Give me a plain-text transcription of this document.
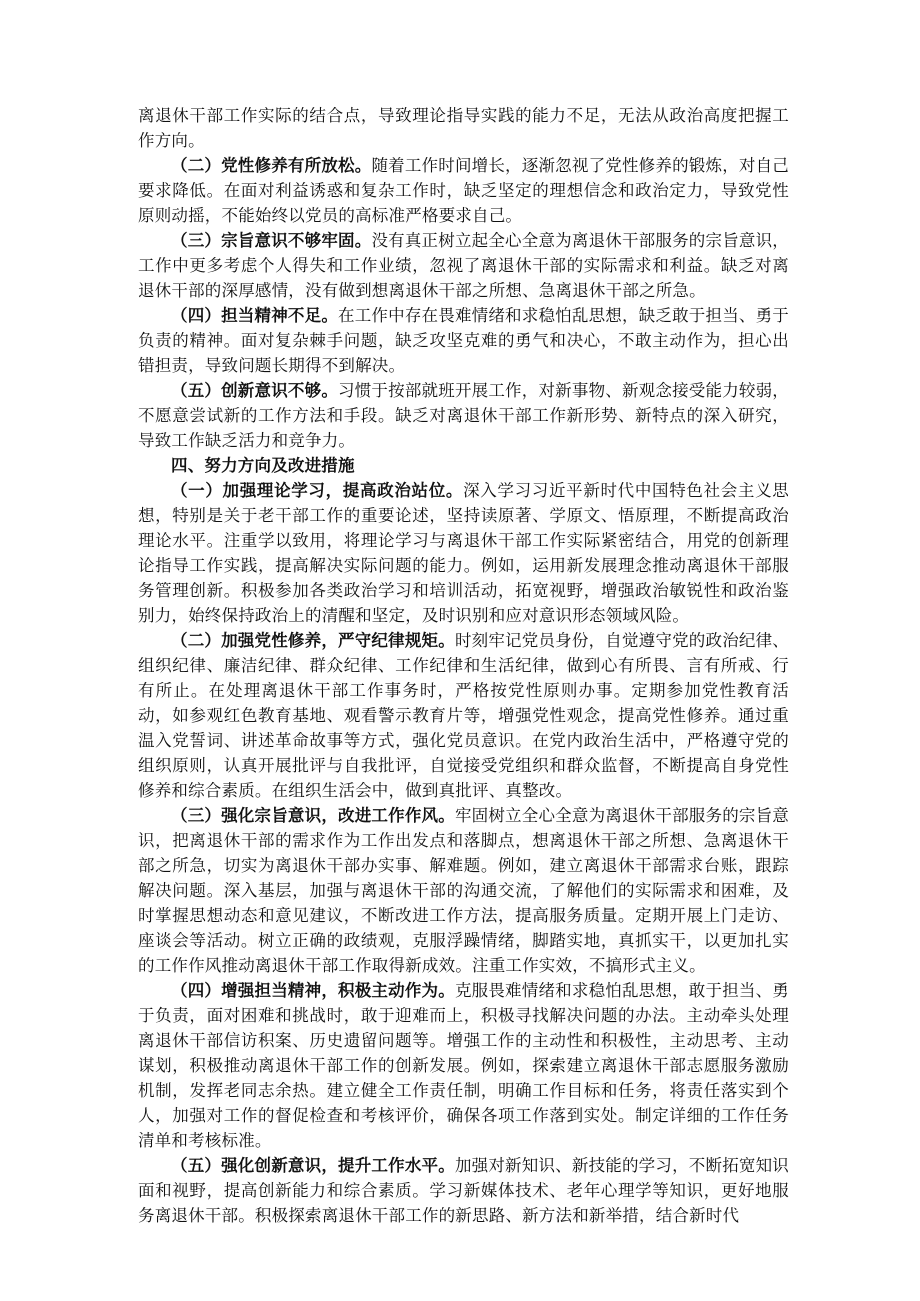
离退休干部工作实际的结合点，导致理论指导实践的能力不足，无法从政治高度把握工作方向。

（二）党性修养有所放松。随着工作时间增长，逐渐忽视了党性修养的锻炼，对自己要求降低。在面对利益诱惑和复杂工作时，缺乏坚定的理想信念和政治定力，导致党性原则动摇，不能始终以党员的高标准严格要求自己。

（三）宗旨意识不够牢固。没有真正树立起全心全意为离退休干部服务的宗旨意识，工作中更多考虑个人得失和工作业绩，忽视了离退休干部的实际需求和利益。缺乏对离退休干部的深厚感情，没有做到想离退休干部之所想、急离退休干部之所急。

（四）担当精神不足。在工作中存在畏难情绪和求稳怕乱思想，缺乏敢于担当、勇于负责的精神。面对复杂棘手问题，缺乏攻坚克难的勇气和决心，不敢主动作为，担心出错担责，导致问题长期得不到解决。

（五）创新意识不够。习惯于按部就班开展工作，对新事物、新观念接受能力较弱，不愿意尝试新的工作方法和手段。缺乏对离退休干部工作新形势、新特点的深入研究，导致工作缺乏活力和竞争力。

四、努力方向及改进措施

（一）加强理论学习，提高政治站位。深入学习习近平新时代中国特色社会主义思想，特别是关于老干部工作的重要论述，坚持读原著、学原文、悟原理，不断提高政治理论水平。注重学以致用，将理论学习与离退休干部工作实际紧密结合，用党的创新理论指导工作实践，提高解决实际问题的能力。例如，运用新发展理念推动离退休干部服务管理创新。积极参加各类政治学习和培训活动，拓宽视野，增强政治敏锐性和政治鉴别力，始终保持政治上的清醒和坚定，及时识别和应对意识形态领域风险。

（二）加强党性修养，严守纪律规矩。时刻牢记党员身份，自觉遵守党的政治纪律、组织纪律、廉洁纪律、群众纪律、工作纪律和生活纪律，做到心有所畏、言有所戒、行有所止。在处理离退休干部工作事务时，严格按党性原则办事。定期参加党性教育活动，如参观红色教育基地、观看警示教育片等，增强党性观念，提高党性修养。通过重温入党誓词、讲述革命故事等方式，强化党员意识。在党内政治生活中，严格遵守党的组织原则，认真开展批评与自我批评，自觉接受党组织和群众监督，不断提高自身党性修养和综合素质。在组织生活会中，做到真批评、真整改。

（三）强化宗旨意识，改进工作作风。牢固树立全心全意为离退休干部服务的宗旨意识，把离退休干部的需求作为工作出发点和落脚点，想离退休干部之所想、急离退休干部之所急，切实为离退休干部办实事、解难题。例如，建立离退休干部需求台账，跟踪解决问题。深入基层，加强与离退休干部的沟通交流，了解他们的实际需求和困难，及时掌握思想动态和意见建议，不断改进工作方法，提高服务质量。定期开展上门走访、座谈会等活动。树立正确的政绩观，克服浮躁情绪，脚踏实地，真抓实干，以更加扎实的工作作风推动离退休干部工作取得新成效。注重工作实效，不搞形式主义。

（四）增强担当精神，积极主动作为。克服畏难情绪和求稳怕乱思想，敢于担当、勇于负责，面对困难和挑战时，敢于迎难而上，积极寻找解决问题的办法。主动牵头处理离退休干部信访积案、历史遗留问题等。增强工作的主动性和积极性，主动思考、主动谋划，积极推动离退休干部工作的创新发展。例如，探索建立离退休干部志愿服务激励机制，发挥老同志余热。建立健全工作责任制，明确工作目标和任务，将责任落实到个人，加强对工作的督促检查和考核评价，确保各项工作落到实处。制定详细的工作任务清单和考核标准。

（五）强化创新意识，提升工作水平。加强对新知识、新技能的学习，不断拓宽知识面和视野，提高创新能力和综合素质。学习新媒体技术、老年心理学等知识，更好地服务离退休干部。积极探索离退休干部工作的新思路、新方法和新举措，结合新时代
